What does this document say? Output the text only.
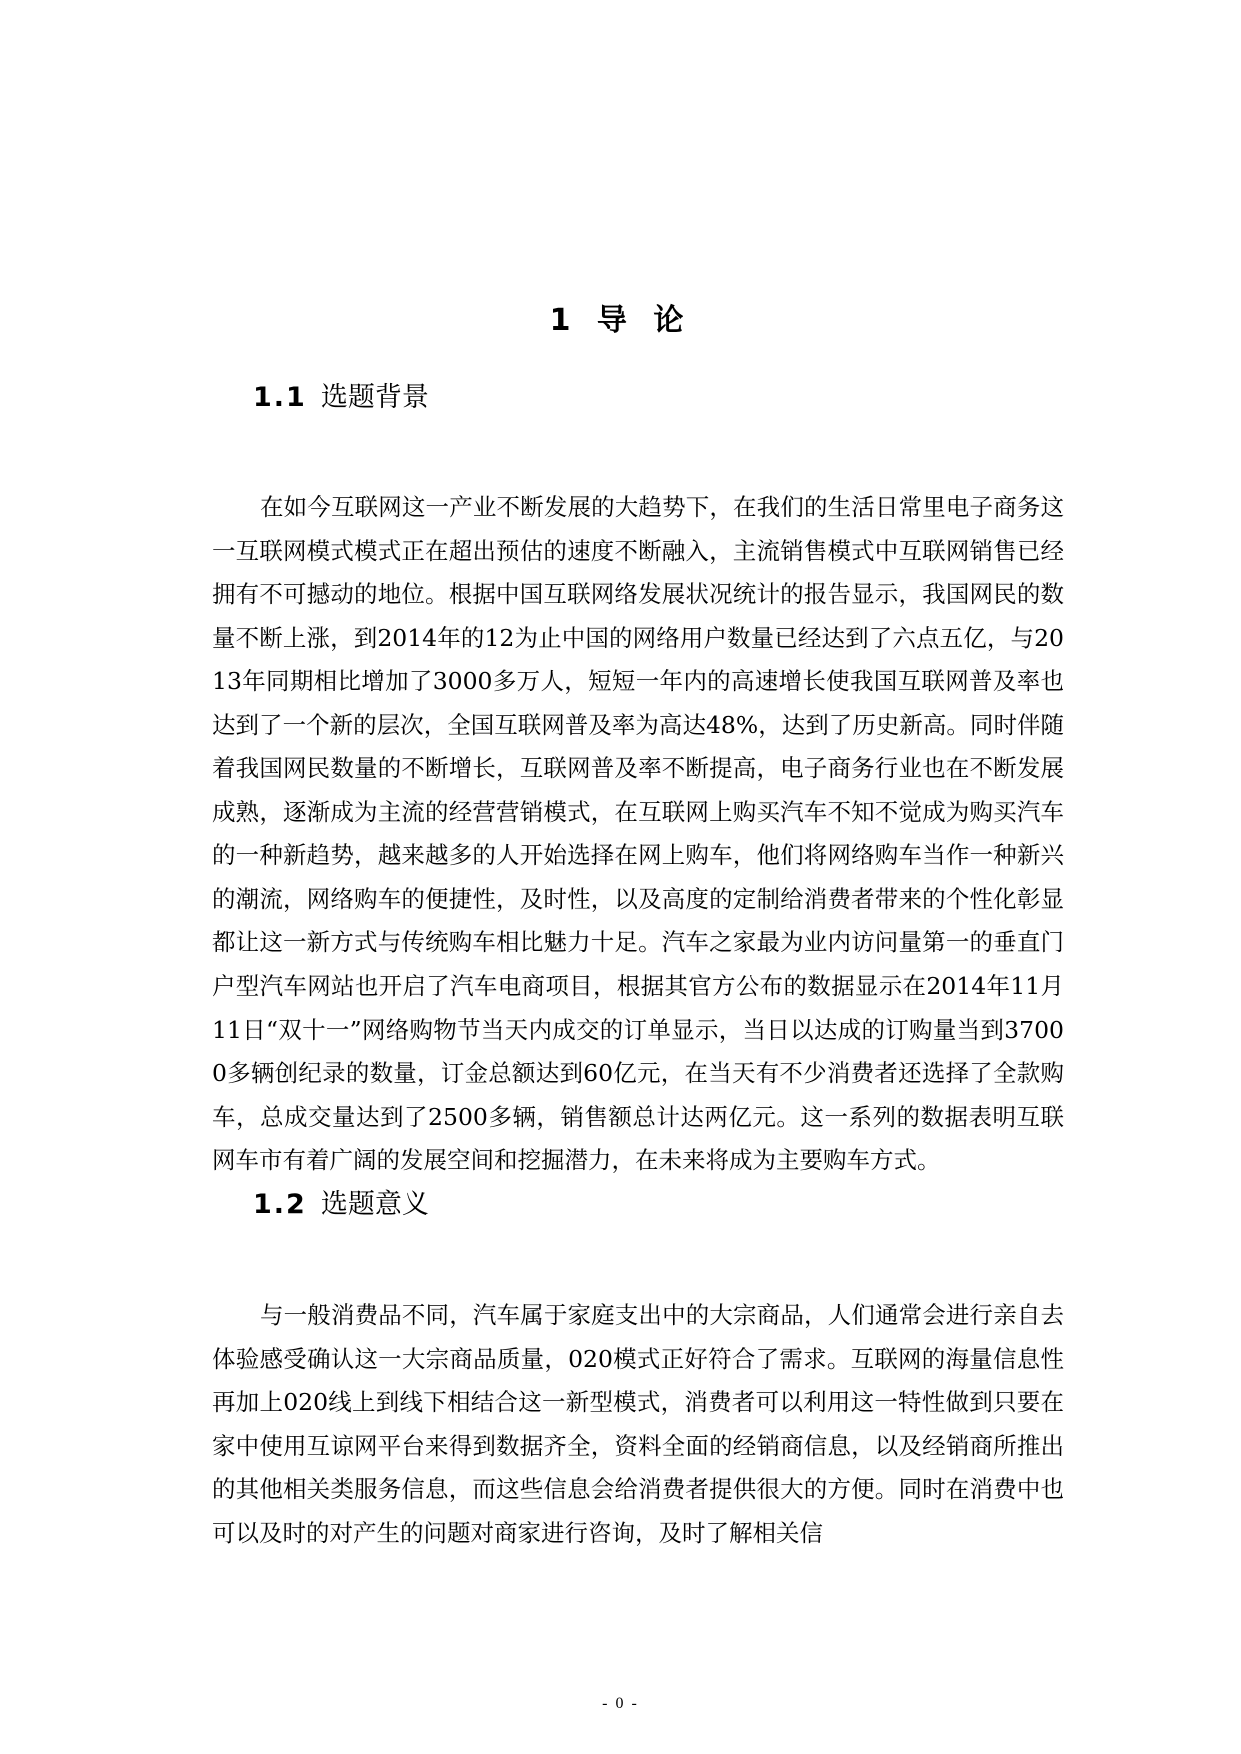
1 导 论
1.1 选题背景

在如今互联网这一产业不断发展的大趋势下，在我们的生活日常里电子商务这一互联网模式模式正在超出预估的速度不断融入，主流销售模式中互联网销售已经拥有不可撼动的地位。根据中国互联网络发展状况统计的报告显示，我国网民的数量不断上涨，到2014年的12为止中国的网络用户数量已经达到了六点五亿，与2013年同期相比增加了3000多万人，短短一年内的高速增长使我国互联网普及率也达到了一个新的层次，全国互联网普及率为高达48%，达到了历史新高。同时伴随着我国网民数量的不断增长，互联网普及率不断提高，电子商务行业也在不断发展成熟，逐渐成为主流的经营营销模式，在互联网上购买汽车不知不觉成为购买汽车的一种新趋势，越来越多的人开始选择在网上购车，他们将网络购车当作一种新兴的潮流，网络购车的便捷性，及时性，以及高度的定制给消费者带来的个性化彰显都让这一新方式与传统购车相比魅力十足。汽车之家最为业内访问量第一的垂直门户型汽车网站也开启了汽车电商项目，根据其官方公布的数据显示在2014年11月11日“双十一”网络购物节当天内成交的订单显示，当日以达成的订购量当到37000多辆创纪录的数量，订金总额达到60亿元，在当天有不少消费者还选择了全款购车，总成交量达到了2500多辆，销售额总计达两亿元。这一系列的数据表明互联网车市有着广阔的发展空间和挖掘潜力，在未来将成为主要购车方式。

1.2 选题意义

与一般消费品不同，汽车属于家庭支出中的大宗商品，人们通常会进行亲自去体验感受确认这一大宗商品质量，020模式正好符合了需求。互联网的海量信息性再加上020线上到线下相结合这一新型模式，消费者可以利用这一特性做到只要在家中使用互谅网平台来得到数据齐全，资料全面的经销商信息，以及经销商所推出的其他相关类服务信息，而这些信息会给消费者提供很大的方便。同时在消费中也可以及时的对产生的问题对商家进行咨询，及时了解相关信

- 0 -
